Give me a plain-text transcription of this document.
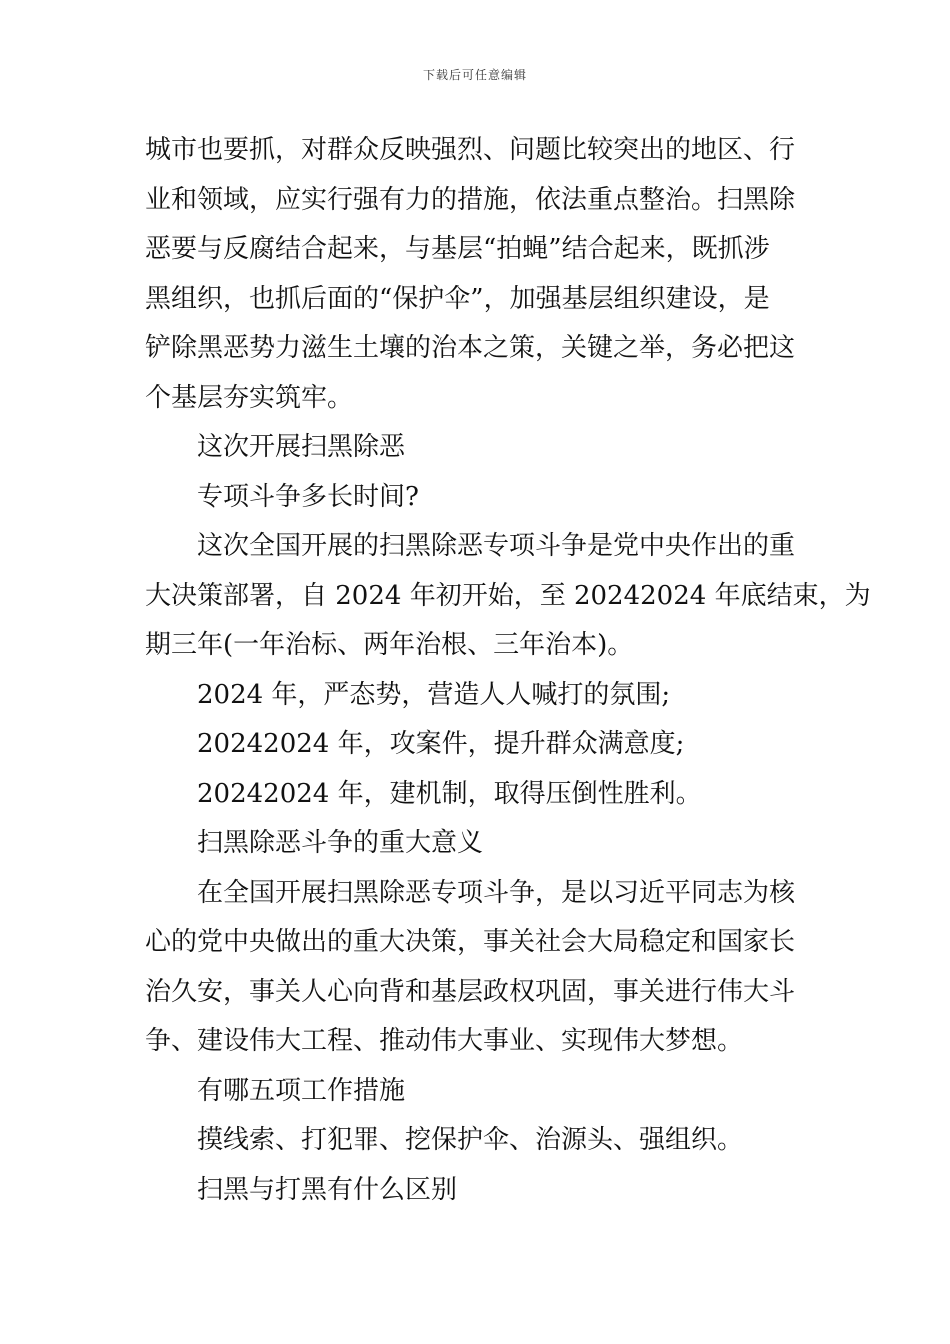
下载后可任意编辑
城市也要抓，对群众反映强烈、问题比较突出的地区、行
业和领域，应实行强有力的措施，依法重点整治。扫黑除
恶要与反腐结合起来，与基层“拍蝇”结合起来，既抓涉
黑组织，也抓后面的“保护伞”，加强基层组织建设，是
铲除黑恶势力滋生土壤的治本之策，关键之举，务必把这
个基层夯实筑牢。
这次开展扫黑除恶
专项斗争多长时间?
这次全国开展的扫黑除恶专项斗争是党中央作出的重
大决策部署，自 2024 年初开始，至 20242024 年底结束，为
期三年(一年治标、两年治根、三年治本)。
2024 年，严态势，营造人人喊打的氛围;
20242024 年，攻案件，提升群众满意度;
20242024 年，建机制，取得压倒性胜利。
扫黑除恶斗争的重大意义
在全国开展扫黑除恶专项斗争，是以习近平同志为核
心的党中央做出的重大决策，事关社会大局稳定和国家长
治久安，事关人心向背和基层政权巩固，事关进行伟大斗
争、建设伟大工程、推动伟大事业、实现伟大梦想。
有哪五项工作措施
摸线索、打犯罪、挖保护伞、治源头、强组织。
扫黑与打黑有什么区别
